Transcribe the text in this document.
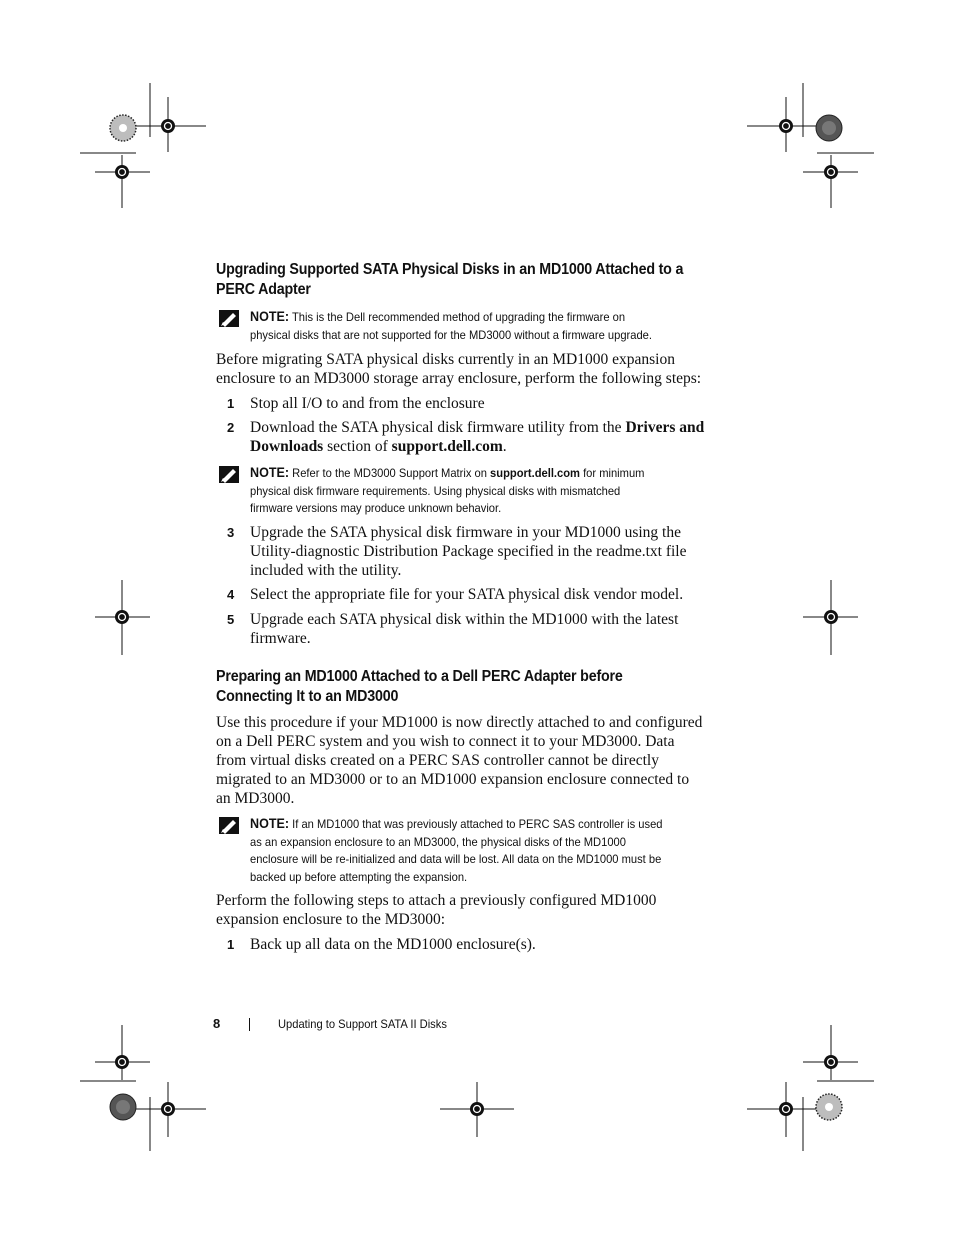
Upgrading Supported SATA Physical Disks in an MD1000 Attached to a
PERC Adapter
NOTE: This is the Dell recommended method of upgrading the firmware on
physical disks that are not supported for the MD3000 without a firmware upgrade.
Before migrating SATA physical disks currently in an MD1000 expansion
enclosure to an MD3000 storage array enclosure, perform the following steps:
1 Stop all I/O to and from the enclosure
2 Download the SATA physical disk firmware utility from the Drivers and
Downloads section of support.dell.com.
NOTE: Refer to the MD3000 Support Matrix on support.dell.com for minimum
physical disk firmware requirements. Using physical disks with mismatched
firmware versions may produce unknown behavior.
3 Upgrade the SATA physical disk firmware in your MD1000 using the
Utility-diagnostic Distribution Package specified in the readme.txt file
included with the utility.
4 Select the appropriate file for your SATA physical disk vendor model.
5 Upgrade each SATA physical disk within the MD1000 with the latest
firmware.
Preparing an MD1000 Attached to a Dell PERC Adapter before
Connecting It to an MD3000
Use this procedure if your MD1000 is now directly attached to and configured
on a Dell PERC system and you wish to connect it to your MD3000. Data
from virtual disks created on a PERC SAS controller cannot be directly
migrated to an MD3000 or to an MD1000 expansion enclosure connected to
an MD3000.
NOTE: If an MD1000 that was previously attached to PERC SAS controller is used
as an expansion enclosure to an MD3000, the physical disks of the MD1000
enclosure will be re-initialized and data will be lost. All data on the MD1000 must be
backed up before attempting the expansion.
Perform the following steps to attach a previously configured MD1000
expansion enclosure to the MD3000:
1 Back up all data on the MD1000 enclosure(s).
8	Updating to Support SATA II Disks
